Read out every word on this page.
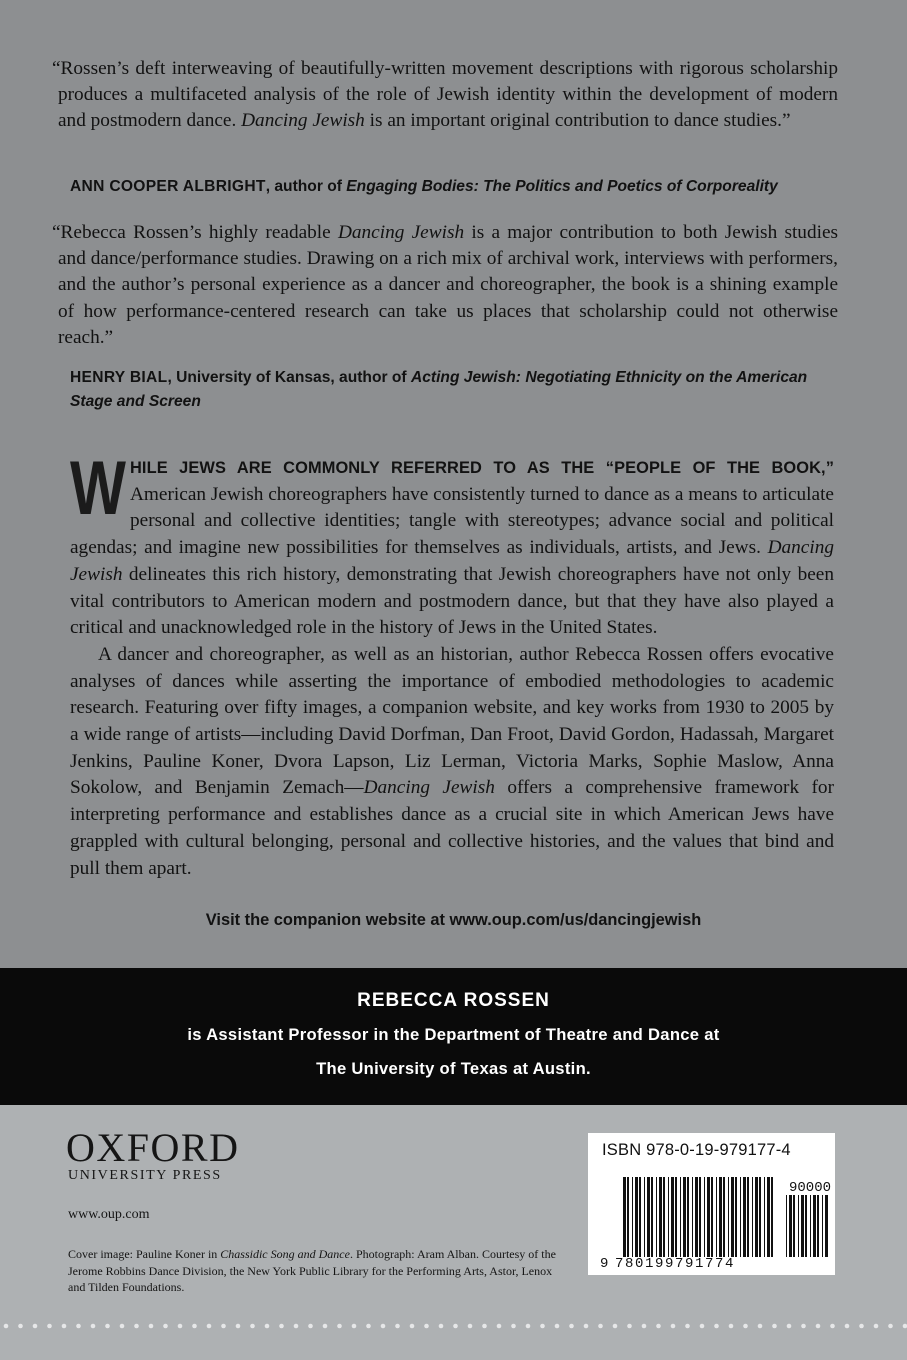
“Rossen’s deft interweaving of beautifully-written movement descriptions with rigorous scholarship produces a multifaceted analysis of the role of Jewish identity within the development of modern and postmodern dance. Dancing Jewish is an important original contribution to dance studies.”
ANN COOPER ALBRIGHT, author of Engaging Bodies: The Politics and Poetics of Corporeality
“Rebecca Rossen’s highly readable Dancing Jewish is a major contribution to both Jewish studies and dance/performance studies. Drawing on a rich mix of archival work, interviews with performers, and the author’s personal experience as a dancer and choreographer, the book is a shining example of how performance-centered research can take us places that scholarship could not otherwise reach.”
HENRY BIAL, University of Kansas, author of Acting Jewish: Negotiating Ethnicity on the American Stage and Screen

WHILE JEWS ARE COMMONLY REFERRED TO AS THE “PEOPLE OF THE BOOK,” American Jewish choreographers have consistently turned to dance as a means to articulate personal and collective identities; tangle with stereotypes; advance social and political agendas; and imagine new possibilities for themselves as individuals, artists, and Jews. Dancing Jewish delineates this rich history, demonstrating that Jewish choreographers have not only been vital contributors to American modern and postmodern dance, but that they have also played a critical and unacknowledged role in the history of Jews in the United States.

A dancer and choreographer, as well as an historian, author Rebecca Rossen offers evocative analyses of dances while asserting the importance of embodied methodologies to academic research. Featuring over fifty images, a companion website, and key works from 1930 to 2005 by a wide range of artists—including David Dorfman, Dan Froot, David Gordon, Hadassah, Margaret Jenkins, Pauline Koner, Dvora Lapson, Liz Lerman, Victoria Marks, Sophie Maslow, Anna Sokolow, and Benjamin Zemach—Dancing Jewish offers a comprehensive framework for interpreting performance and establishes dance as a crucial site in which American Jews have grappled with cultural belonging, personal and collective histories, and the values that bind and pull them apart.

Visit the companion website at www.oup.com/us/dancingjewish
REBECCA ROSSEN
is Assistant Professor in the Department of Theatre and Dance at
The University of Texas at Austin.
OXFORD
UNIVERSITY PRESS
www.oup.com
Cover image: Pauline Koner in Chassidic Song and Dance. Photograph: Aram Alban. Courtesy of the Jerome Robbins Dance Division, the New York Public Library for the Performing Arts, Astor, Lenox and Tilden Foundations.
ISBN 978-0-19-979177-4
90000
9 780199791774
